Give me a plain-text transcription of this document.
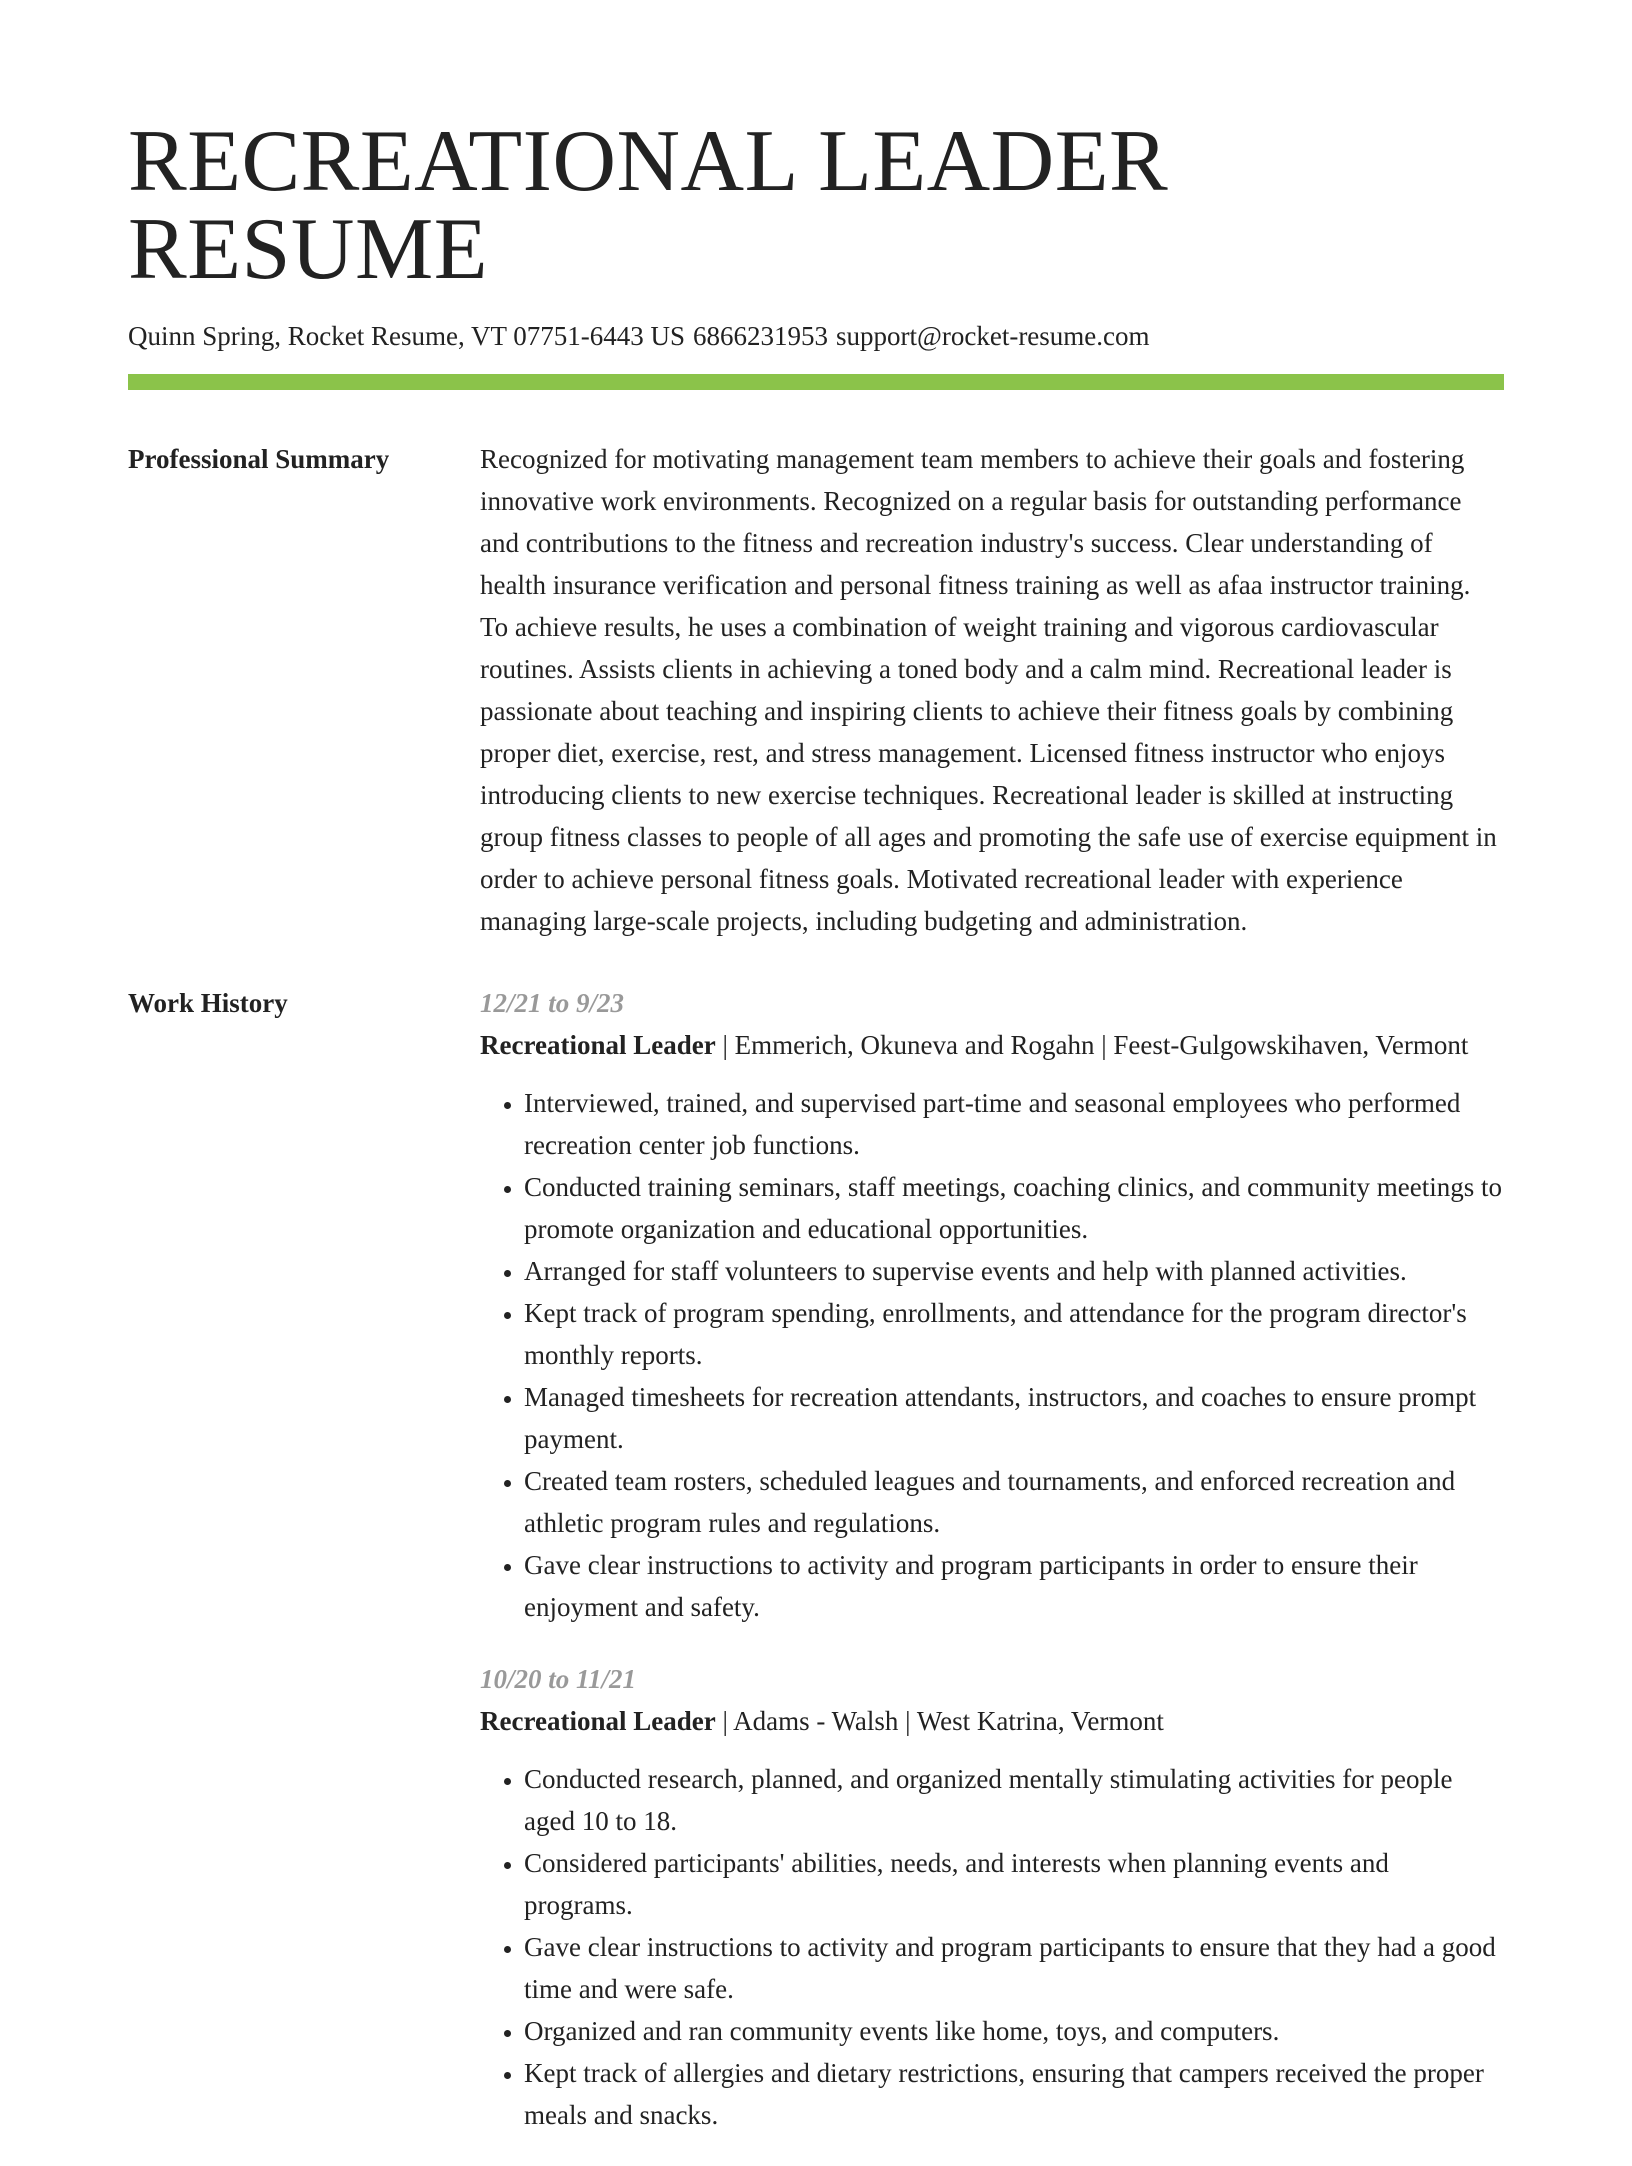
RECREATIONAL LEADER RESUME
Quinn Spring, Rocket Resume, VT 07751-6443 US 6866231953 support@rocket-resume.com
Professional Summary	Recognized for motivating management team members to achieve their goals and fostering innovative work environments. Recognized on a regular basis for outstanding performance and contributions to the fitness and recreation industry's success. Clear understanding of health insurance verification and personal fitness training as well as afaa instructor training. To achieve results, he uses a combination of weight training and vigorous cardiovascular routines. Assists clients in achieving a toned body and a calm mind. Recreational leader is passionate about teaching and inspiring clients to achieve their fitness goals by combining proper diet, exercise, rest, and stress management. Licensed fitness instructor who enjoys introducing clients to new exercise techniques. Recreational leader is skilled at instructing group fitness classes to people of all ages and promoting the safe use of exercise equipment in order to achieve personal fitness goals. Motivated recreational leader with experience managing large-scale projects, including budgeting and administration.

Work History	12/21 to 9/23
Recreational Leader | Emmerich, Okuneva and Rogahn | Feest-Gulgowskihaven, Vermont
• Interviewed, trained, and supervised part-time and seasonal employees who performed recreation center job functions.
• Conducted training seminars, staff meetings, coaching clinics, and community meetings to promote organization and educational opportunities.
• Arranged for staff volunteers to supervise events and help with planned activities.
• Kept track of program spending, enrollments, and attendance for the program director's monthly reports.
• Managed timesheets for recreation attendants, instructors, and coaches to ensure prompt payment.
• Created team rosters, scheduled leagues and tournaments, and enforced recreation and athletic program rules and regulations.
• Gave clear instructions to activity and program participants in order to ensure their enjoyment and safety.
10/20 to 11/21
Recreational Leader | Adams - Walsh | West Katrina, Vermont
• Conducted research, planned, and organized mentally stimulating activities for people aged 10 to 18.
• Considered participants' abilities, needs, and interests when planning events and programs.
• Gave clear instructions to activity and program participants to ensure that they had a good time and were safe.
• Organized and ran community events like home, toys, and computers.
• Kept track of allergies and dietary restrictions, ensuring that campers received the proper meals and snacks.
